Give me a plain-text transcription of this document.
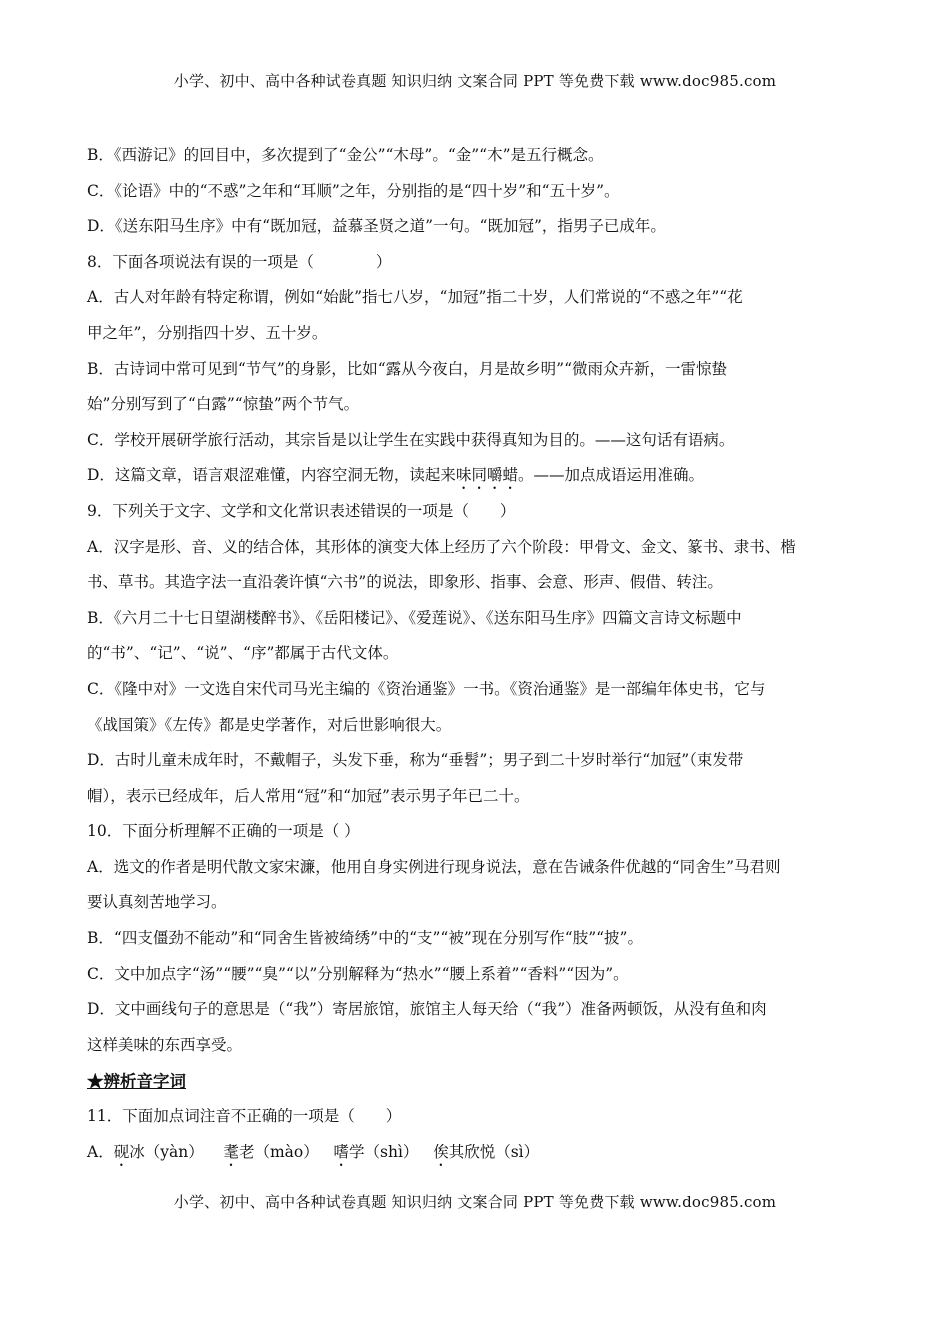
小学、初中、高中各种试卷真题 知识归纳 文案合同 PPT 等免费下载 www.doc985.com
B．《西游记》的回目中，多次提到了“金公”“木母”。“金”“木”是五行概念。
C．《论语》中的“不惑”之年和“耳顺”之年，分别指的是“四十岁”和“五十岁”。
D．《送东阳马生序》中有“既加冠，益慕圣贤之道”一句。“既加冠”，指男子已成年。
8．下面各项说法有误的一项是（　　　　）
A．古人对年龄有特定称谓，例如“始龀”指七八岁，“加冠”指二十岁，人们常说的“不惑之年”“花
甲之年”，分别指四十岁、五十岁。
B．古诗词中常可见到“节气”的身影，比如“露从今夜白，月是故乡明”“微雨众卉新，一雷惊蛰
始”分别写到了“白露”“惊蛰”两个节气。
C．学校开展研学旅行活动，其宗旨是以让学生在实践中获得真知为目的。——这句话有语病。
D．这篇文章，语言艰涩难懂，内容空洞无物，读起来味同嚼蜡。——加点成语运用准确。
9．下列关于文字、文学和文化常识表述错误的一项是（　　）
A．汉字是形、音、义的结合体，其形体的演变大体上经历了六个阶段：甲骨文、金文、篆书、隶书、楷
书、草书。其造字法一直沿袭许慎“六书”的说法，即象形、指事、会意、形声、假借、转注。
B．《六月二十七日望湖楼醉书》、《岳阳楼记》、《爱莲说》、《送东阳马生序》四篇文言诗文标题中
的“书”、“记”、“说”、“序”都属于古代文体。
C．《隆中对》一文选自宋代司马光主编的《资治通鉴》一书。《资治通鉴》是一部编年体史书，它与
《战国策》《左传》都是史学著作，对后世影响很大。
D．古时儿童未成年时，不戴帽子，头发下垂，称为“垂髫”；男子到二十岁时举行“加冠”（束发带
帽），表示已经成年，后人常用“冠”和“加冠”表示男子年已二十。
10．下面分析理解不正确的一项是（ ）
A．选文的作者是明代散文家宋濂，他用自身实例进行现身说法，意在告诫条件优越的“同舍生”马君则
要认真刻苦地学习。
B．“四支僵劲不能动”和“同舍生皆被绮绣”中的“支”“被”现在分别写作“肢”“披”。
C．文中加点字“汤”“腰”“臭”“以”分别解释为“热水”“腰上系着”“香料”“因为”。
D．文中画线句子的意思是（“我”）寄居旅馆，旅馆主人每天给（“我”）准备两顿饭，从没有鱼和肉
这样美味的东西享受。
★辨析音字词
11．下面加点词注音不正确的一项是（　　）
A．砚冰（yàn） 耄老（mào） 嗜学（shì） 俟其欣悦（sì）
小学、初中、高中各种试卷真题 知识归纳 文案合同 PPT 等免费下载 www.doc985.com
